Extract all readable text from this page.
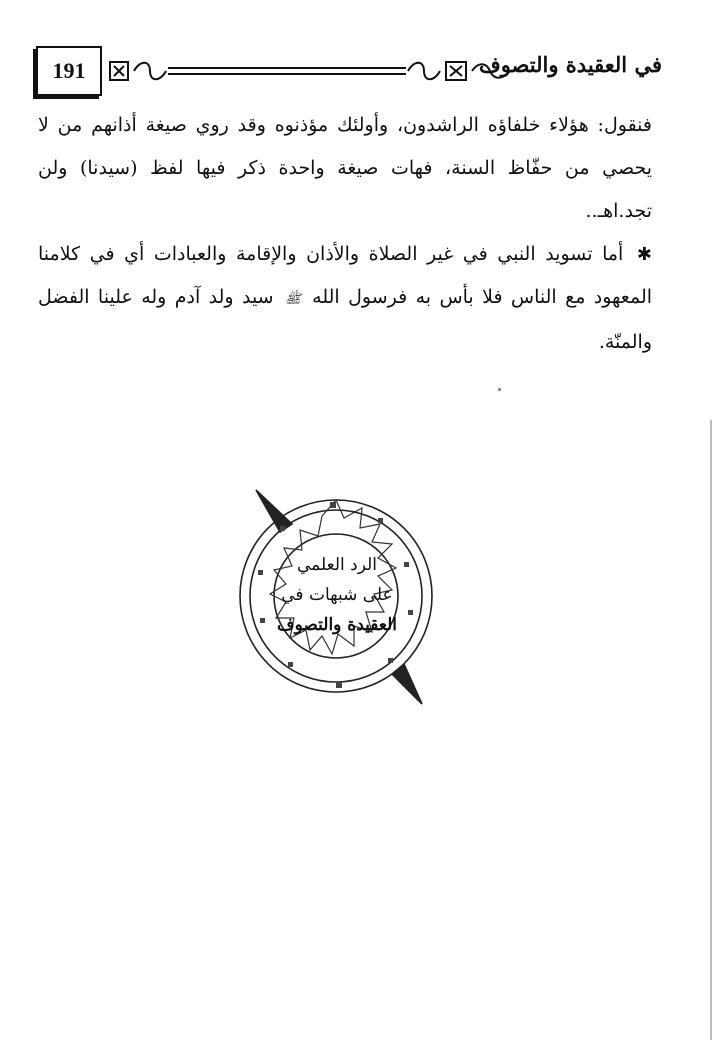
191	في العقيدة والتصوف

فنقول: هؤلاء خلفاؤه الراشدون، وأولئك مؤذنوه وقد روي صيغة أذانهم من لا يحصي من حفّاظ السنة، فهات صيغة واحدة ذكر فيها لفظ (سيدنا) ولن تجد.اهـ..

✱ أما تسويد النبي في غير الصلاة والأذان والإقامة والعبادات أي في كلامنا المعهود مع الناس فلا بأس به فرسول الله ﷺ سيد ولد آدم وله علينا الفضل والمنّة.

الرد العلمي
على شبهات في
العقيدة والتصوف
